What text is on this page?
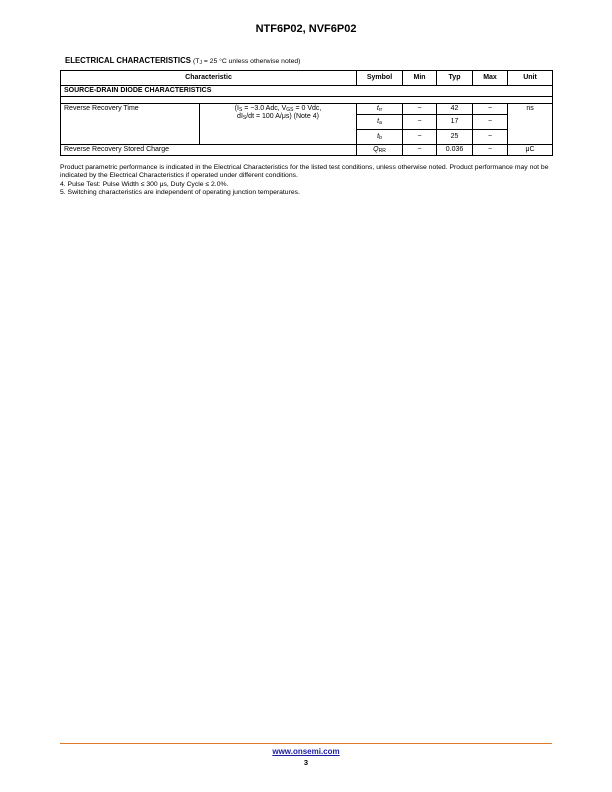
NTF6P02, NVF6P02
ELECTRICAL CHARACTERISTICS ($T_J = 25$ °C unless otherwise noted)
Characteristic		Symbol	Min	Typ	Max	Unit
SOURCE-DRAIN DIODE CHARACTERISTICS						

Reverse Recovery Time	($I_S = -3.0$ Adc, $V_{GS} = 0$ Vdc,
$dI_S/dt = 100$ A/μs) (Note 4)	$t_{rr}$	−	42	−	ns
		$t_a$	−	17	−	
		$t_b$	−	25	−	
Reverse Recovery Stored Charge		$Q_{RR}$	−	0.036	−	μC

Product parametric performance is indicated in the Electrical Characteristics for the listed test conditions, unless otherwise noted. Product performance may not be indicated by the Electrical Characteristics if operated under different conditions.

4. Pulse Test: Pulse Width ≤ 300 μs, Duty Cycle ≤ 2.0%.

5. Switching characteristics are independent of operating junction temperatures.

www.onsemi.com
3
